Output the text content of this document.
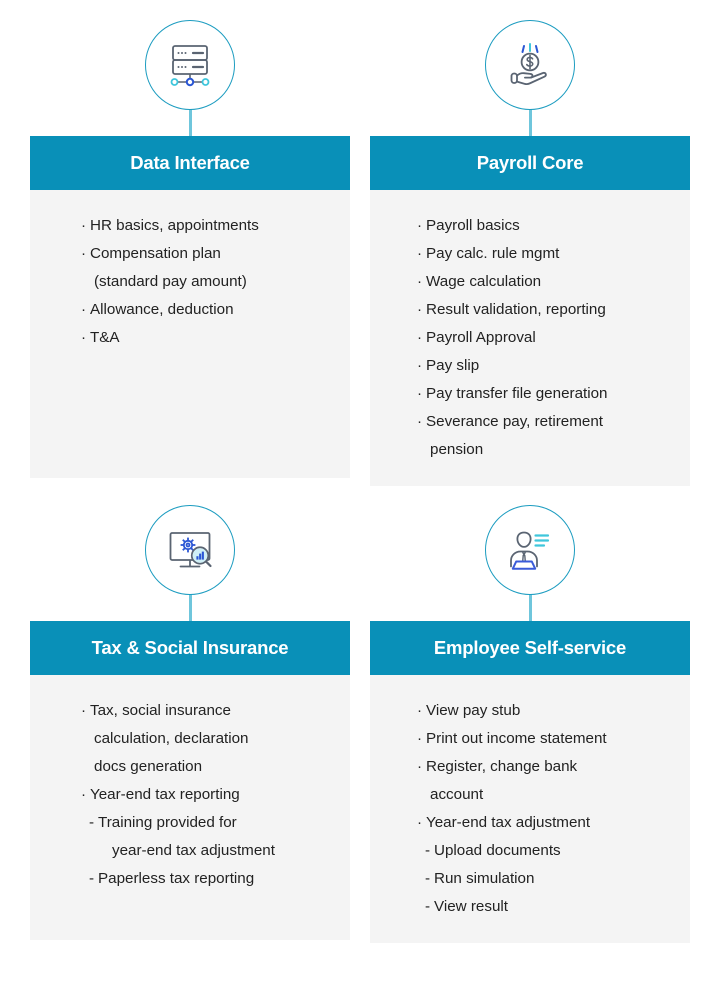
Data Interface
· HR basics, appointments
· Compensation plan
(standard pay amount)
· Allowance, deduction
· T&A
Payroll Core
· Payroll basics
· Pay calc. rule mgmt
· Wage calculation
· Result validation, reporting
· Payroll Approval
· Pay slip
· Pay transfer file generation
· Severance pay, retirement
pension
Tax & Social Insurance
· Tax, social insurance
calculation, declaration
docs generation
· Year-end tax reporting
- Training provided for
year-end tax adjustment
- Paperless tax reporting
Employee Self-service
· View pay stub
· Print out income statement
· Register, change bank
account
· Year-end tax adjustment
- Upload documents
- Run simulation
- View result
